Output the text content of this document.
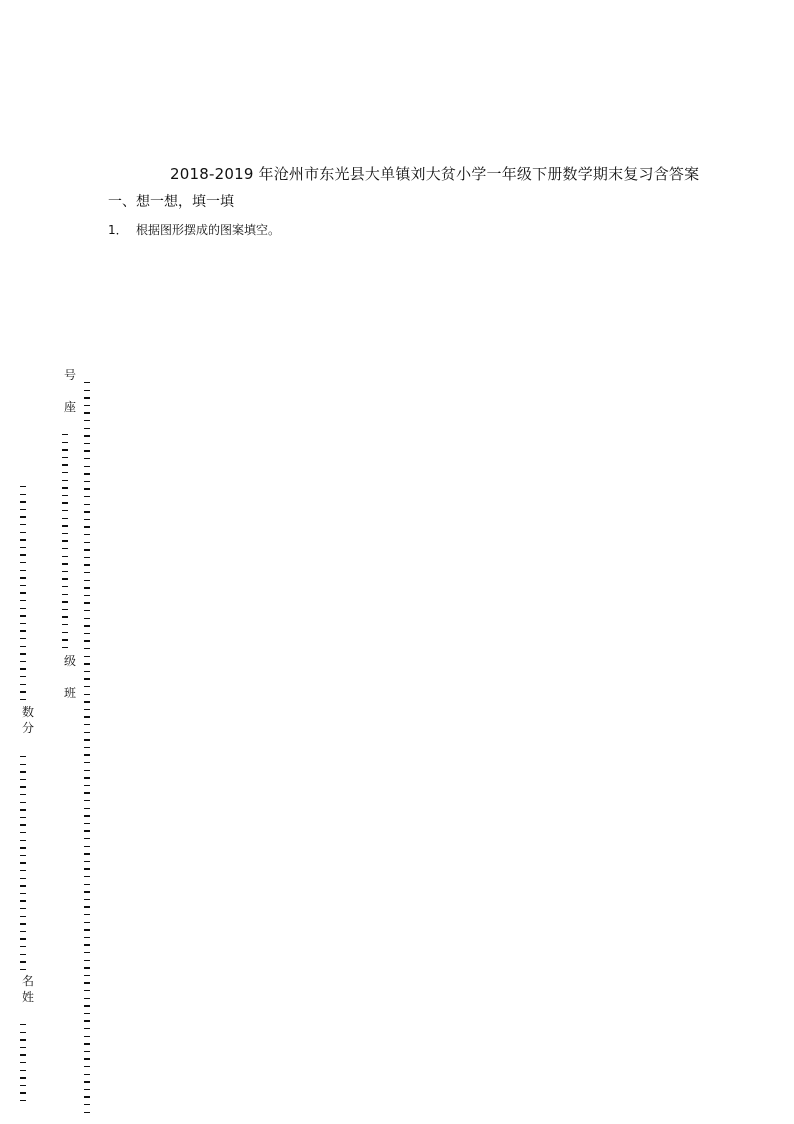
2018-2019 年沧州市东光县大单镇刘大贫小学一年级下册数学期末复习含答案
一、想一想，填一填
1． 根据图形摆成的图案填空。
号
座
级
班
数
分
名
姓
